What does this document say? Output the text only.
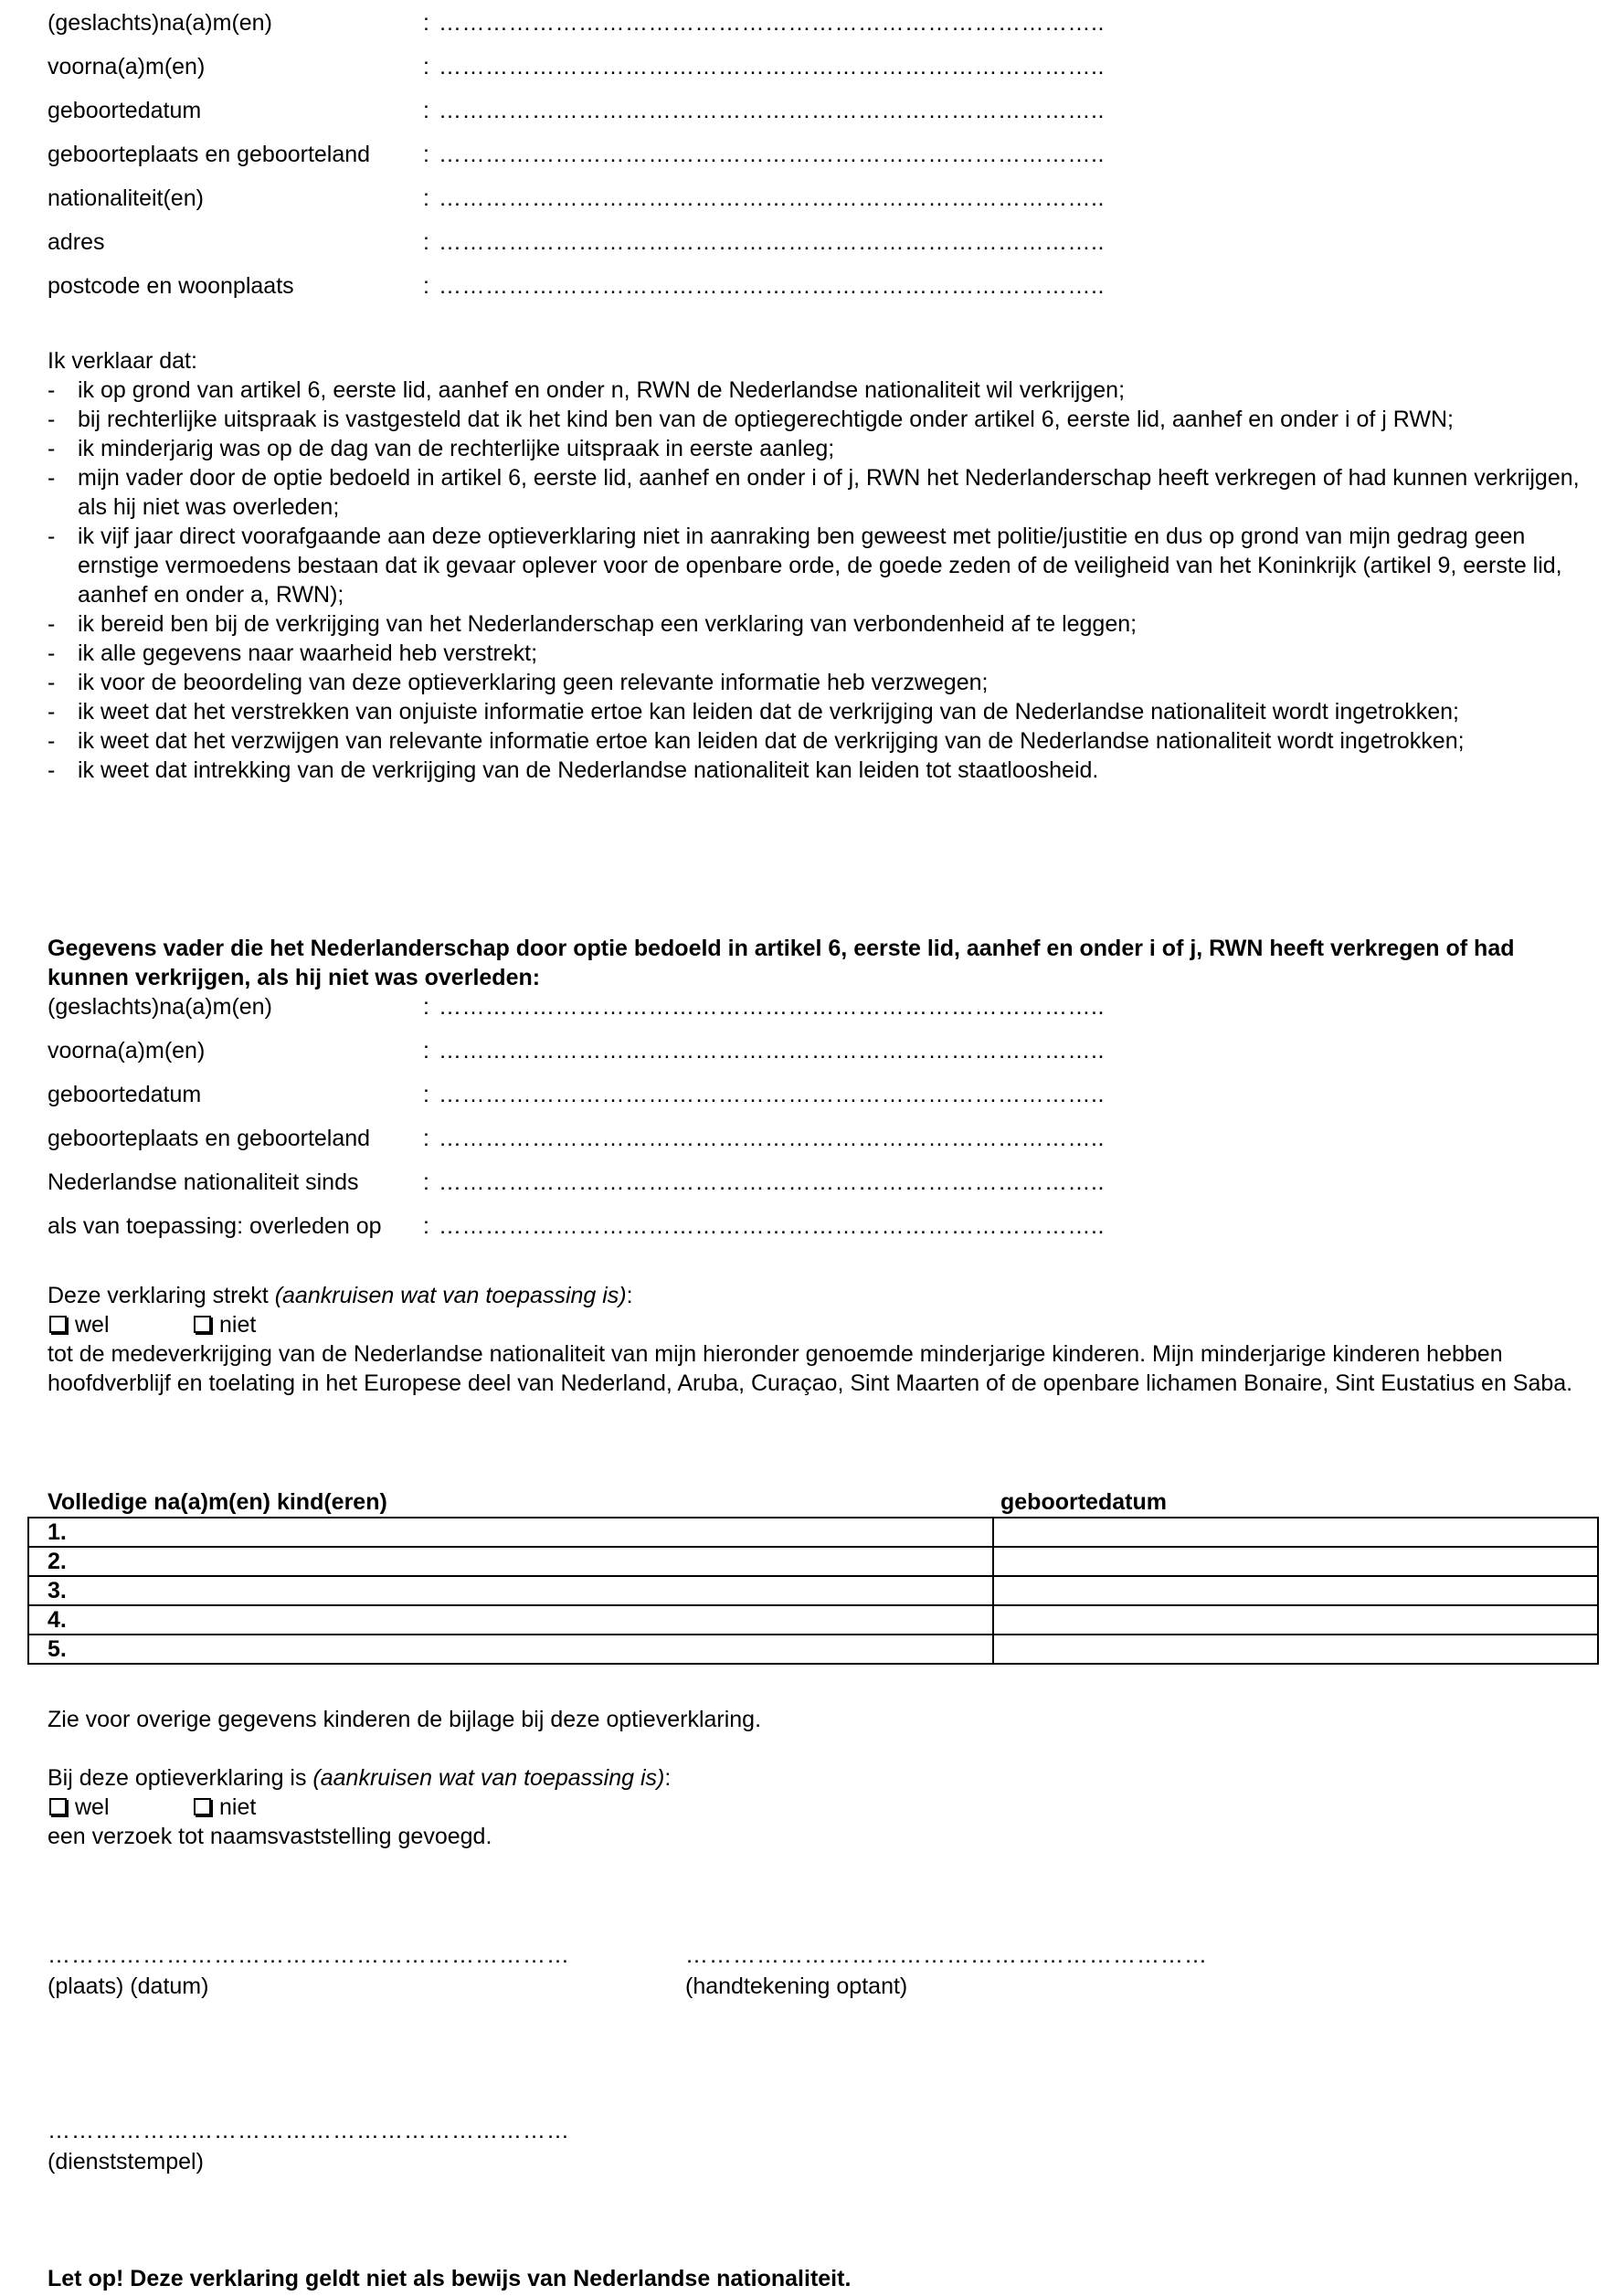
(geslachts)na(a)m(en)	: …………………………………………………………………………..
voorna(a)m(en)	: …………………………………………………………………………..
geboortedatum	: …………………………………………………………………………..
geboorteplaats en geboorteland : …………………………………………………………………………..
nationaliteit(en)	: …………………………………………………………………………..
adres	: …………………………………………………………………………..
postcode en woonplaats	: …………………………………………………………………………..
Ik verklaar dat:
- ik op grond van artikel 6, eerste lid, aanhef en onder n, RWN de Nederlandse nationaliteit wil verkrijgen;
- bij rechterlijke uitspraak is vastgesteld dat ik het kind ben van de optiegerechtigde onder artikel 6, eerste lid, aanhef en onder i of j RWN;
- ik minderjarig was op de dag van de rechterlijke uitspraak in eerste aanleg;
- mijn vader door de optie bedoeld in artikel 6, eerste lid, aanhef en onder i of j, RWN het Nederlanderschap heeft verkregen of had kunnen verkrijgen, als hij niet was overleden;
- ik vijf jaar direct voorafgaande aan deze optieverklaring niet in aanraking ben geweest met politie/justitie en dus op grond van mijn gedrag geen ernstige vermoedens bestaan dat ik gevaar oplever voor de openbare orde, de goede zeden of de veiligheid van het Koninkrijk (artikel 9, eerste lid, aanhef en onder a, RWN);
- ik bereid ben bij de verkrijging van het Nederlanderschap een verklaring van verbondenheid af te leggen;
- ik alle gegevens naar waarheid heb verstrekt;
- ik voor de beoordeling van deze optieverklaring geen relevante informatie heb verzwegen;
- ik weet dat het verstrekken van onjuiste informatie ertoe kan leiden dat de verkrijging van de Nederlandse nationaliteit wordt ingetrokken;
- ik weet dat het verzwijgen van relevante informatie ertoe kan leiden dat de verkrijging van de Nederlandse nationaliteit wordt ingetrokken;
- ik weet dat intrekking van de verkrijging van de Nederlandse nationaliteit kan leiden tot staatloosheid.
Gegevens vader die het Nederlanderschap door optie bedoeld in artikel 6, eerste lid, aanhef en onder i of j, RWN heeft verkregen of had kunnen verkrijgen, als hij niet was overleden:
(geslachts)na(a)m(en)	: …………………………………………………………………………..
voorna(a)m(en)	: …………………………………………………………………………..
geboortedatum	: …………………………………………………………………………..
geboorteplaats en geboorteland : …………………………………………………………………………..
Nederlandse nationaliteit sinds	: …………………………………………………………………………..
als van toepassing: overleden op : …………………………………………………………………………..
Deze verklaring strekt (aankruisen wat van toepassing is):
wel	niet
tot de medeverkrijging van de Nederlandse nationaliteit van mijn hieronder genoemde minderjarige kinderen. Mijn minderjarige kinderen hebben hoofdverblijf en toelating in het Europese deel van Nederland, Aruba, Curaçao, Sint Maarten of de openbare lichamen Bonaire, Sint Eustatius en Saba.
Volledige na(a)m(en) kind(eren)	geboortedatum
1.	
2.	
3.	
4.	
5.	
Zie voor overige gegevens kinderen de bijlage bij deze optieverklaring.
Bij deze optieverklaring is (aankruisen wat van toepassing is):
wel	niet
een verzoek tot naamsvaststelling gevoegd.
…………………………………………………………
(plaats) (datum)
…………………………………………………………
(handtekening optant)
…………………………………………………………
(dienststempel)
Let op! Deze verklaring geldt niet als bewijs van Nederlandse nationaliteit.
